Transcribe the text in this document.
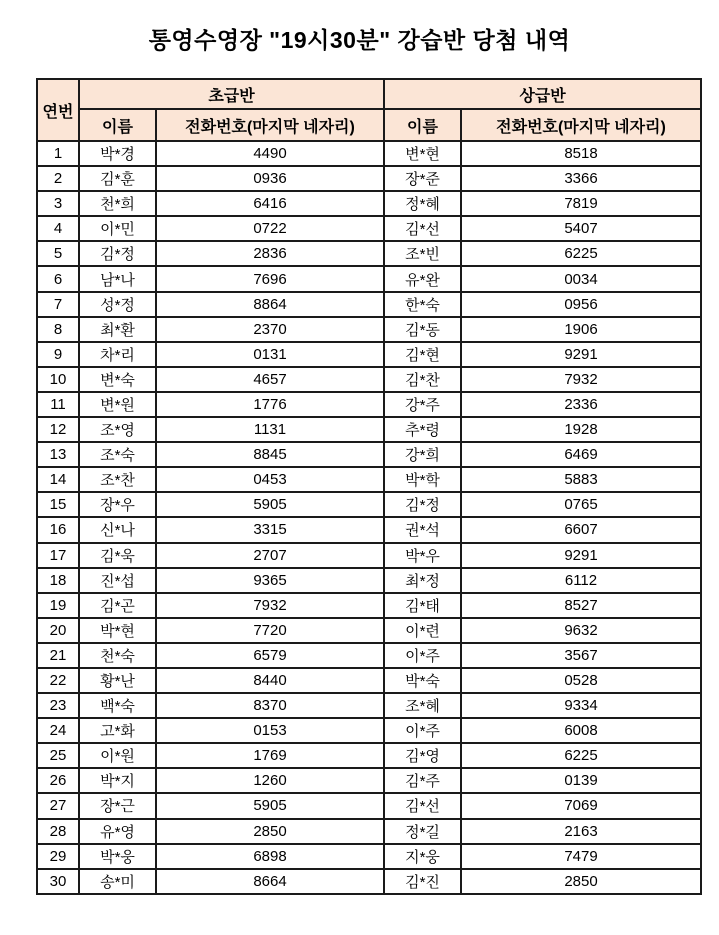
통영수영장 "19시30분" 강습반 당첨 내역
연번	초급반		상급반	
	이름	전화번호(마지막 네자리)	이름	전화번호(마지막 네자리)
1	박*경	4490	변*현	8518
2	김*훈	0936	장*준	3366
3	천*희	6416	정*혜	7819
4	이*민	0722	김*선	5407
5	김*정	2836	조*빈	6225
6	남*나	7696	유*완	0034
7	성*정	8864	한*숙	0956
8	최*환	2370	김*동	1906
9	차*리	0131	김*현	9291
10	변*숙	4657	김*찬	7932
11	변*원	1776	강*주	2336
12	조*영	1131	추*령	1928
13	조*숙	8845	강*희	6469
14	조*찬	0453	박*학	5883
15	장*우	5905	김*정	0765
16	신*나	3315	권*석	6607
17	김*욱	2707	박*우	9291
18	진*섭	9365	최*정	6112
19	김*곤	7932	김*태	8527
20	박*현	7720	이*련	9632
21	천*숙	6579	이*주	3567
22	황*난	8440	박*숙	0528
23	백*숙	8370	조*혜	9334
24	고*화	0153	이*주	6008
25	이*원	1769	김*영	6225
26	박*지	1260	김*주	0139
27	장*근	5905	김*선	7069
28	유*영	2850	정*길	2163
29	박*웅	6898	지*웅	7479
30	송*미	8664	김*진	2850
